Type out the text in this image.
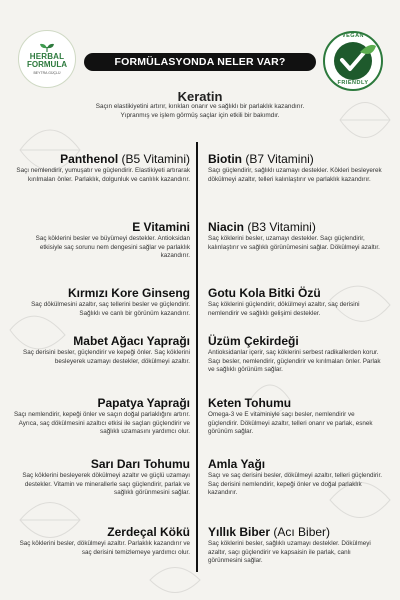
HERBAL
FORMULA
BEYTRA GÜÇLÜ
FORMÜLASYONDA NELER VAR?
VEGAN
FRIENDLY
Keratin
Saçın elastikiyetini artırır, kırıkları onarır ve sağlıklı bir parlaklık kazandırır. Yıpranmış ve işlem görmüş saçlar için etkili bir bakımdır.
Panthenol (B5 Vitamini)
Saçı nemlendirir, yumuşatır ve güçlendirir. Elastikiyeti artırarak kırılmaları önler. Parlaklık, dolgunluk ve canlılık kazandırır.
E Vitamini
Saç köklerini besler ve büyümeyi destekler. Antioksidan etkisiyle saç sorunu nem dengesini sağlar ve parlaklık kazandırır.
Kırmızı Kore Ginseng
Saç dökülmesini azaltır, saç tellerini besler ve güçlendirir. Sağlıklı ve canlı bir görünüm kazandırır.
Mabet Ağacı Yaprağı
Saç derisini besler, güçlendirir ve kepeği önler. Saç köklerini besleyerek uzamayı destekler, dökülmeyi azaltır.
Papatya Yaprağı
Saçı nemlendirir, kepeği önler ve saçın doğal parlaklığını artırır. Ayrıca, saç dökülmesini azaltıcı etkisi ile saçları güçlendirir ve sağlıklı uzamasını yardımcı olur.
Sarı Darı Tohumu
Saç köklerini besleyerek dökülmeyi azaltır ve güçlü uzamayı destekler. Vitamin ve minerallerle saçı güçlendirir, parlak ve sağlıklı görünmesini sağlar.
Zerdeçal Kökü
Saç köklerini besler, dökülmeyi azaltır. Parlaklık kazandırır ve saç derisini temizlemeye yardımcı olur.
Biotin (B7 Vitamini)
Saçı güçlendirir, sağlıklı uzamayı destekler. Kökleri besleyerek dökülmeyi azaltır, telleri kalınlaştırır ve parlaklık kazandırır.
Niacin (B3 Vitamini)
Saç köklerini besler, uzamayı destekler. Saçı güçlendirir, kalınlaştırır ve sağlıklı görünümesini sağlar. Dökülmeyi azaltır.
Gotu Kola Bitki Özü
Saç köklerini güçlendirir, dökülmeyi azaltır, saç derisini nemlendirir ve sağlıklı gelişimi destekler.
Üzüm Çekirdeği
Antioksidanlar içerir, saç köklerini serbest radikallerden korur. Saçı besler, nemlendirir, güçlendirir ve kırılmaları önler. Parlak ve sağlıklı görünüm sağlar.
Keten Tohumu
Omega-3 ve E vitaminiyle saçı besler, nemlendirir ve güçlendirir. Dökülmeyi azaltır, telleri onarır ve parlak, esnek görünüm sağlar.
Amla Yağı
Saçı ve saç derisini besler, dökülmeyi azaltır, telleri güçlendirir. Saç derisini nemlendirir, kepeği önler ve doğal parlaklık kazandırır.
Yıllık Biber (Acı Biber)
Saç köklerini besler, sağlıklı uzamayı destekler. Dökülmeyi azaltır, saçı güçlendirir ve kapsaisin ile parlak, canlı görünmesini sağlar.
